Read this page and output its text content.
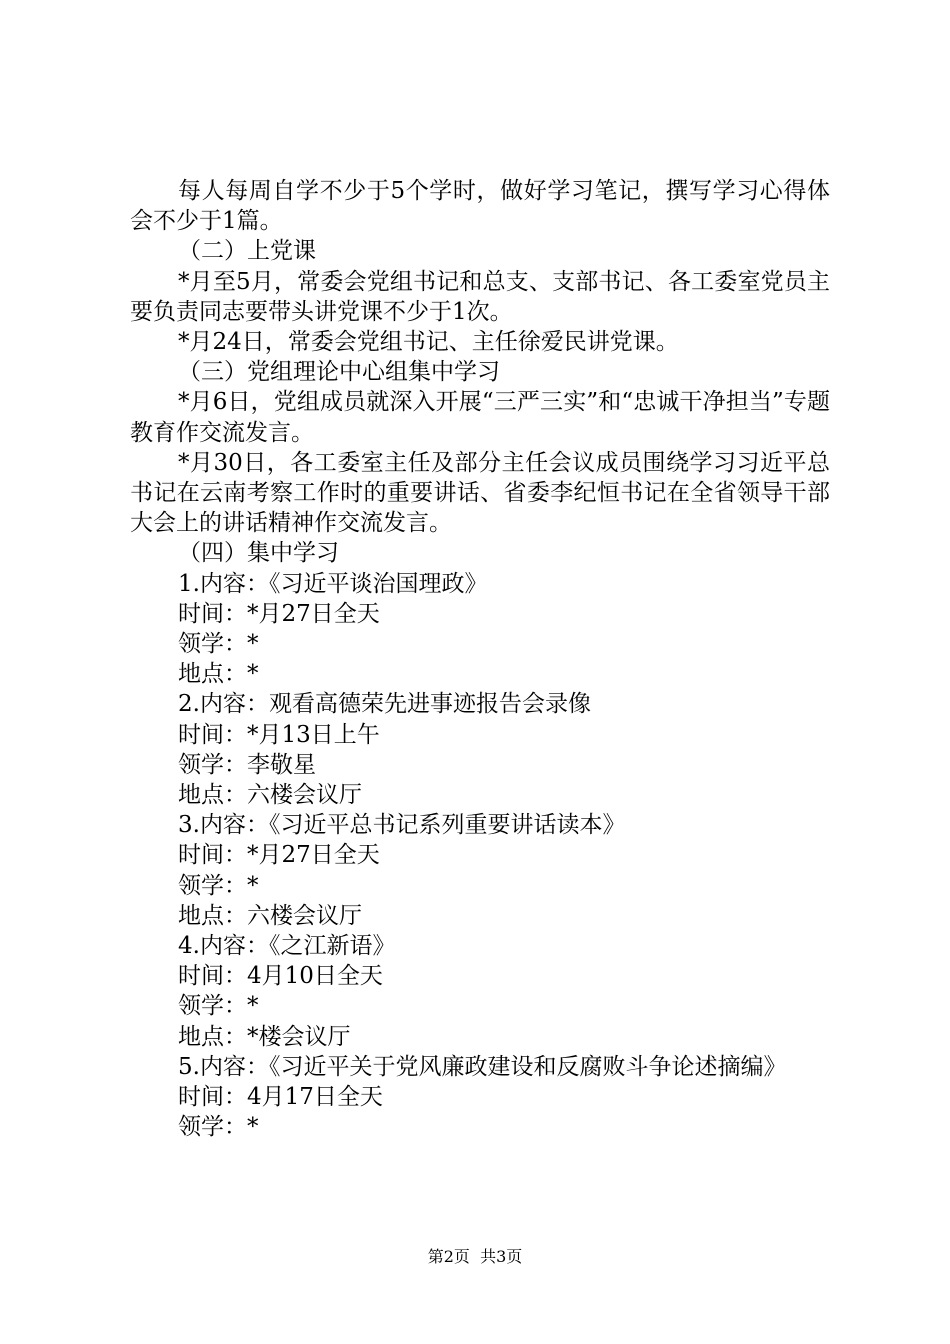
每人每周自学不少于5个学时，做好学习笔记，撰写学习心得体会不少于1篇。

（二）上党课

*月至5月，常委会党组书记和总支、支部书记、各工委室党员主要负责同志要带头讲党课不少于1次。

*月24日，常委会党组书记、主任徐爱民讲党课。

（三）党组理论中心组集中学习

*月6日，党组成员就深入开展“三严三实”和“忠诚干净担当”专题教育作交流发言。

*月30日，各工委室主任及部分主任会议成员围绕学习习近平总书记在云南考察工作时的重要讲话、省委李纪恒书记在全省领导干部大会上的讲话精神作交流发言。

（四）集中学习

1.内容：《习近平谈治国理政》

时间：*月27日全天

领学：*

地点：*

2.内容：观看高德荣先进事迹报告会录像

时间：*月13日上午

领学：李敬星

地点：六楼会议厅

3.内容：《习近平总书记系列重要讲话读本》

时间：*月27日全天

领学：*

地点：六楼会议厅

4.内容：《之江新语》

时间：4月10日全天

领学：*

地点：*楼会议厅

5.内容：《习近平关于党风廉政建设和反腐败斗争论述摘编》

时间：4月17日全天

领学：*

第2页 共3页
